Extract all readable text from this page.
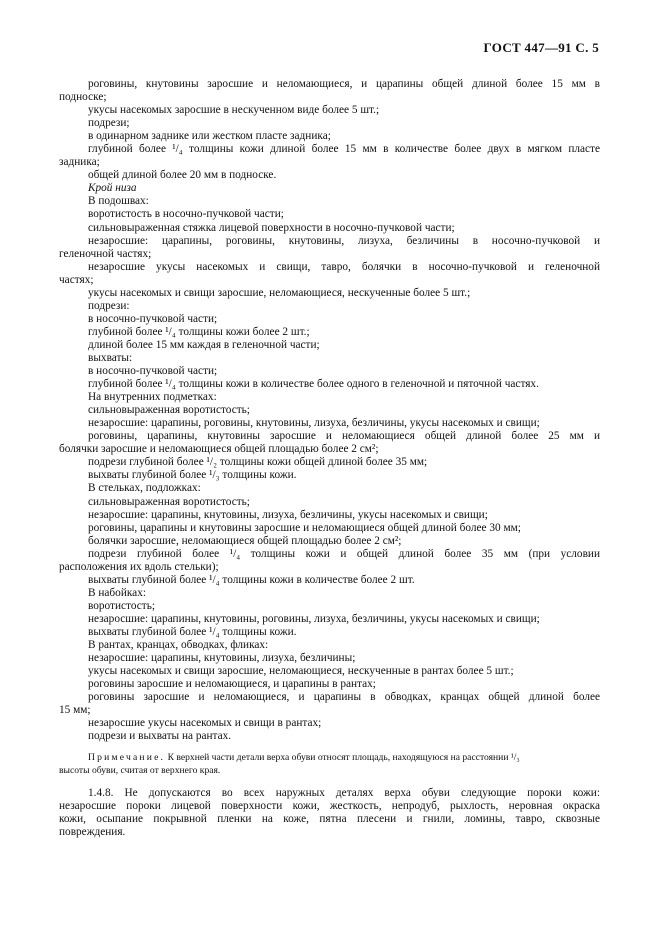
ГОСТ 447—91 С. 5
роговины, кнутовины заросшие и неломающиеся, и царапины общей длиной более 15 мм в
подноске;
укусы насекомых заросшие в нескученном виде более 5 шт.;
подрези;
в одинарном заднике или жестком пласте задника;
глубиной более ¹/₄ толщины кожи длиной более 15 мм в количестве более двух в мягком пласте
задника;
общей длиной более 20 мм в подноске.
Крой низа
В подошвах:
воротистость в носочно-пучковой части;
сильновыраженная стяжка лицевой поверхности в носочно-пучковой части;
незаросшие: царапины, роговины, кнутовины, лизуха, безличины в носочно-пучковой и
геленочной частях;
незаросшие укусы насекомых и свищи, тавро, болячки в носочно-пучковой и геленочной
частях;
укусы насекомых и свищи заросшие, неломающиеся, нескученные более 5 шт.;
подрези:
в носочно-пучковой части;
глубиной более ¹/₄ толщины кожи более 2 шт.;
длиной более 15 мм каждая в геленочной части;
выхваты:
в носочно-пучковой части;
глубиной более ¹/₄ толщины кожи в количестве более одного в геленочной и пяточной частях.
На внутренних подметках:
сильновыраженная воротистость;
незаросшие: царапины, роговины, кнутовины, лизуха, безличины, укусы насекомых и свищи;
роговины, царапины, кнутовины заросшие и неломающиеся общей длиной более 25 мм и
болячки заросшие и неломающиеся общей площадью более 2 см²;
подрези глубиной более ¹/₂ толщины кожи общей длиной более 35 мм;
выхваты глубиной более ¹/₃ толщины кожи.
В стельках, подложках:
сильновыраженная воротистость;
незаросшие: царапины, кнутовины, лизуха, безличины, укусы насекомых и свищи;
роговины, царапины и кнутовины заросшие и неломающиеся общей длиной более 30 мм;
болячки заросшие, неломающиеся общей площадью более 2 см²;
подрези глубиной более ¹/₄ толщины кожи и общей длиной более 35 мм (при условии
расположения их вдоль стельки);
выхваты глубиной более ¹/₄ толщины кожи в количестве более 2 шт.
В набойках:
воротистость;
незаросшие: царапины, кнутовины, роговины, лизуха, безличины, укусы насекомых и свищи;
выхваты глубиной более ¹/₄ толщины кожи.
В рантах, кранцах, обводках, фликах:
незаросшие: царапины, кнутовины, лизуха, безличины;
укусы насекомых и свищи заросшие, неломающиеся, нескученные в рантах более 5 шт.;
роговины заросшие и неломающиеся, и царапины в рантах;
роговины заросшие и неломающиеся, и царапины в обводках, кранцах общей длиной более
15 мм;
незаросшие укусы насекомых и свищи в рантах;
подрези и выхваты на рантах.
Примечание. К верхней части детали верха обуви относят площадь, находящуюся на расстоянии ¹/₃
высоты обуви, считая от верхнего края.
1.4.8. Не допускаются во всех наружных деталях верха обуви следующие пороки кожи:
незаросшие пороки лицевой поверхности кожи, жесткость, непродуб, рыхлость, неровная окраска
кожи, осыпание покрывной пленки на коже, пятна плесени и гнили, ломины, тавро, сквозные
повреждения.
